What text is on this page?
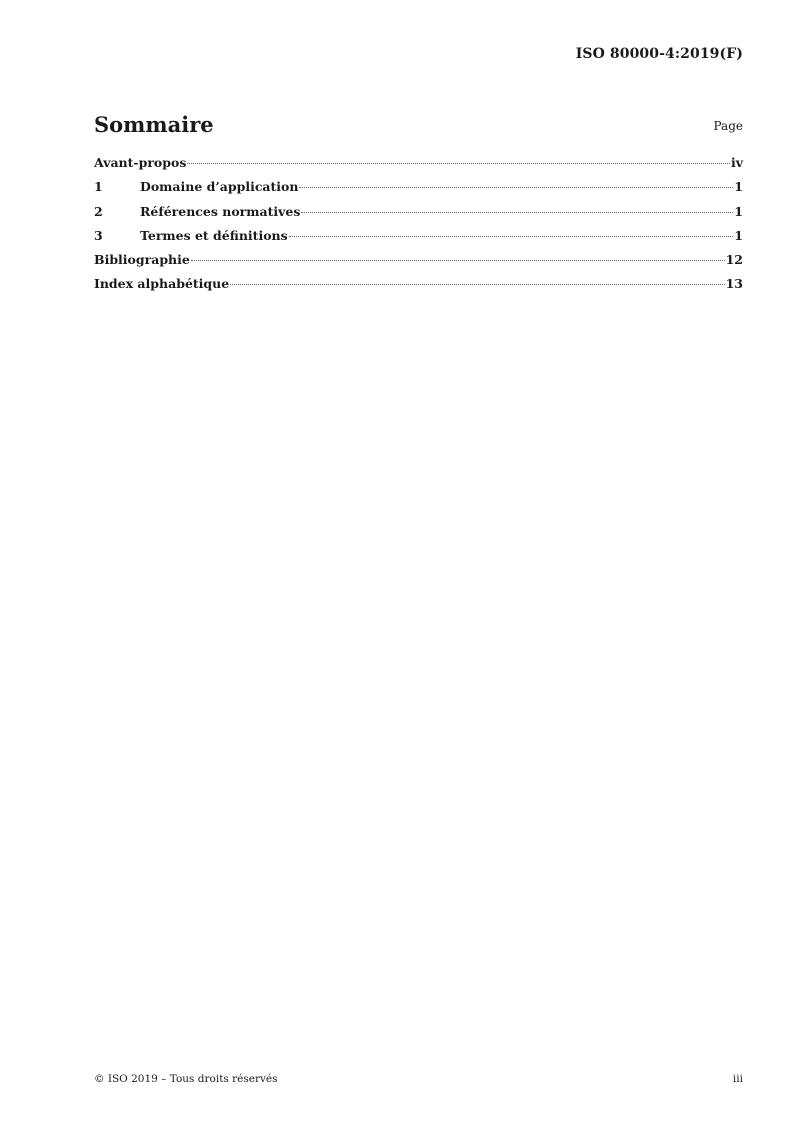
ISO 80000-4:2019(F)
Sommaire	Page
Avant-propos	iv
1	Domaine d’application	1
2	Références normatives	1
3	Termes et définitions	1
Bibliographie	12
Index alphabétique	13
© ISO 2019 – Tous droits réservés	iii
